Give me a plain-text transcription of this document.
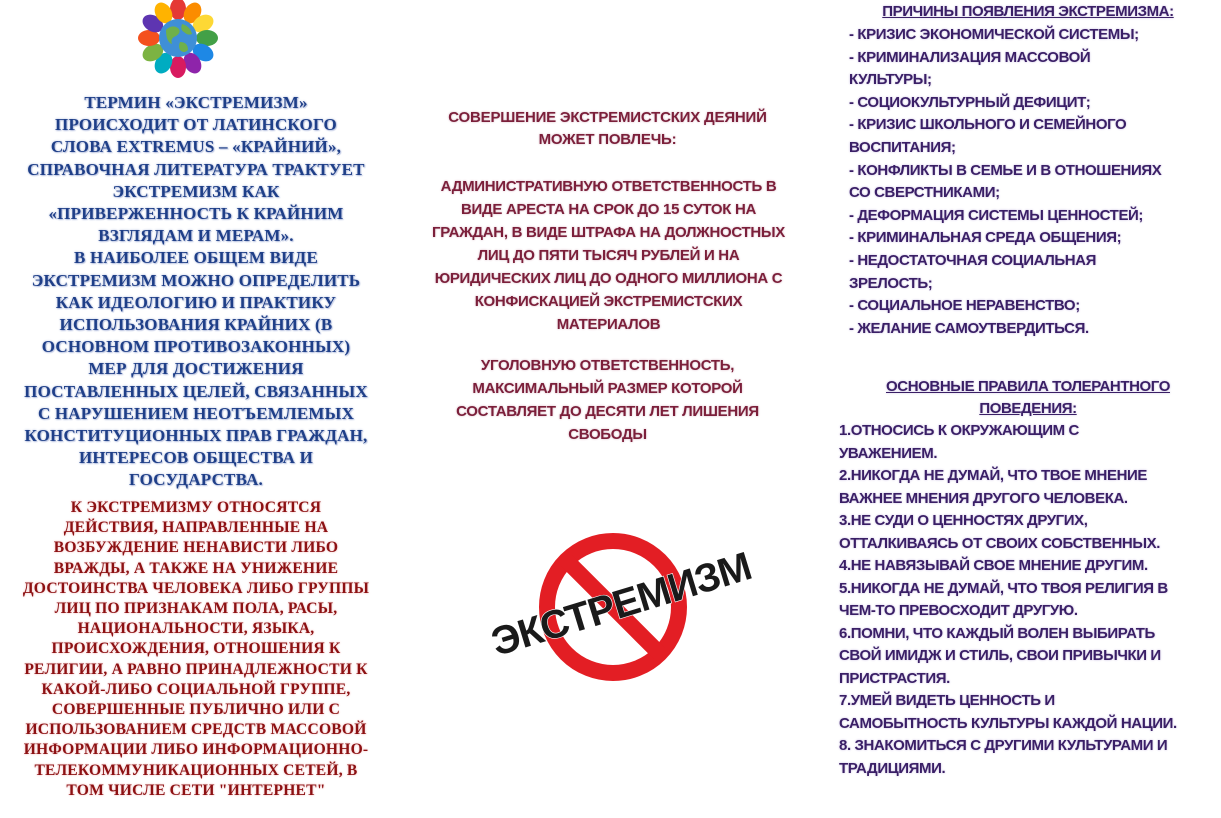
ТЕРМИН «ЭКСТРЕМИЗМ»
ПРОИСХОДИТ ОТ ЛАТИНСКОГО
СЛОВА EXTREMUS – «КРАЙНИЙ»,
СПРАВОЧНАЯ ЛИТЕРАТУРА ТРАКТУЕТ
ЭКСТРЕМИЗМ КАК
«ПРИВЕРЖЕННОСТЬ К КРАЙНИМ
ВЗГЛЯДАМ И МЕРАМ».
В НАИБОЛЕЕ ОБЩЕМ ВИДЕ
ЭКСТРЕМИЗМ МОЖНО ОПРЕДЕЛИТЬ
КАК ИДЕОЛОГИЮ И ПРАКТИКУ
ИСПОЛЬЗОВАНИЯ КРАЙНИХ (В
ОСНОВНОМ ПРОТИВОЗАКОННЫХ)
МЕР ДЛЯ ДОСТИЖЕНИЯ
ПОСТАВЛЕННЫХ ЦЕЛЕЙ, СВЯЗАННЫХ
С НАРУШЕНИЕМ НЕОТЪЕМЛЕМЫХ
КОНСТИТУЦИОННЫХ ПРАВ ГРАЖДАН,
ИНТЕРЕСОВ ОБЩЕСТВА И
ГОСУДАРСТВА.
К ЭКСТРЕМИЗМУ ОТНОСЯТСЯ
ДЕЙСТВИЯ, НАПРАВЛЕННЫЕ НА
ВОЗБУЖДЕНИЕ НЕНАВИСТИ ЛИБО
ВРАЖДЫ, А ТАКЖЕ НА УНИЖЕНИЕ
ДОСТОИНСТВА ЧЕЛОВЕКА ЛИБО ГРУППЫ
ЛИЦ ПО ПРИЗНАКАМ ПОЛА, РАСЫ,
НАЦИОНАЛЬНОСТИ, ЯЗЫКА,
ПРОИСХОЖДЕНИЯ, ОТНОШЕНИЯ К
РЕЛИГИИ, А РАВНО ПРИНАДЛЕЖНОСТИ К
КАКОЙ-ЛИБО СОЦИАЛЬНОЙ ГРУППЕ,
СОВЕРШЕННЫЕ ПУБЛИЧНО ИЛИ С
ИСПОЛЬЗОВАНИЕМ СРЕДСТВ МАССОВОЙ
ИНФОРМАЦИИ ЛИБО ИНФОРМАЦИОННО-
ТЕЛЕКОММУНИКАЦИОННЫХ СЕТЕЙ, В
ТОМ ЧИСЛЕ СЕТИ "ИНТЕРНЕТ"
СОВЕРШЕНИЕ ЭКСТРЕМИСТСКИХ ДЕЯНИЙ
МОЖЕТ ПОВЛЕЧЬ:
АДМИНИСТРАТИВНУЮ ОТВЕТСТВЕННОСТЬ В
ВИДЕ АРЕСТА НА СРОК ДО 15 СУТОК НА
ГРАЖДАН, В ВИДЕ ШТРАФА НА ДОЛЖНОСТНЫХ
ЛИЦ ДО ПЯТИ ТЫСЯЧ РУБЛЕЙ И НА
ЮРИДИЧЕСКИХ ЛИЦ ДО ОДНОГО МИЛЛИОНА С
КОНФИСКАЦИЕЙ ЭКСТРЕМИСТСКИХ
МАТЕРИАЛОВ
УГОЛОВНУЮ ОТВЕТСТВЕННОСТЬ,
МАКСИМАЛЬНЫЙ РАЗМЕР КОТОРОЙ
СОСТАВЛЯЕТ ДО ДЕСЯТИ ЛЕТ ЛИШЕНИЯ
СВОБОДЫ
ЭКСТРЕМИЗМ
ПРИЧИНЫ ПОЯВЛЕНИЯ ЭКСТРЕМИЗМА:
- КРИЗИС ЭКОНОМИЧЕСКОЙ СИСТЕМЫ;
- КРИМИНАЛИЗАЦИЯ МАССОВОЙ
КУЛЬТУРЫ;
- СОЦИОКУЛЬТУРНЫЙ ДЕФИЦИТ;
- КРИЗИС ШКОЛЬНОГО И СЕМЕЙНОГО
ВОСПИТАНИЯ;
- КОНФЛИКТЫ В СЕМЬЕ И В ОТНОШЕНИЯХ
СО СВЕРСТНИКАМИ;
- ДЕФОРМАЦИЯ СИСТЕМЫ ЦЕННОСТЕЙ;
- КРИМИНАЛЬНАЯ СРЕДА ОБЩЕНИЯ;
- НЕДОСТАТОЧНАЯ СОЦИАЛЬНАЯ
ЗРЕЛОСТЬ;
- СОЦИАЛЬНОЕ НЕРАВЕНСТВО;
- ЖЕЛАНИЕ САМОУТВЕРДИТЬСЯ.
ОСНОВНЫЕ ПРАВИЛА ТОЛЕРАНТНОГО
ПОВЕДЕНИЯ:
1.ОТНОСИСЬ К ОКРУЖАЮЩИМ С
УВАЖЕНИЕМ.
2.НИКОГДА НЕ ДУМАЙ, ЧТО ТВОЕ МНЕНИЕ
ВАЖНЕЕ МНЕНИЯ ДРУГОГО ЧЕЛОВЕКА.
3.НЕ СУДИ О ЦЕННОСТЯХ ДРУГИХ,
ОТТАЛКИВАЯСЬ ОТ СВОИХ СОБСТВЕННЫХ.
4.НЕ НАВЯЗЫВАЙ СВОЕ МНЕНИЕ ДРУГИМ.
5.НИКОГДА НЕ ДУМАЙ, ЧТО ТВОЯ РЕЛИГИЯ В
ЧЕМ-ТО ПРЕВОСХОДИТ ДРУГУЮ.
6.ПОМНИ, ЧТО КАЖДЫЙ ВОЛЕН ВЫБИРАТЬ
СВОЙ ИМИДЖ И СТИЛЬ, СВОИ ПРИВЫЧКИ И
ПРИСТРАСТИЯ.
7.УМЕЙ ВИДЕТЬ ЦЕННОСТЬ И
САМОБЫТНОСТЬ КУЛЬТУРЫ КАЖДОЙ НАЦИИ.
8. ЗНАКОМИТЬСЯ С ДРУГИМИ КУЛЬТУРАМИ И
ТРАДИЦИЯМИ.
